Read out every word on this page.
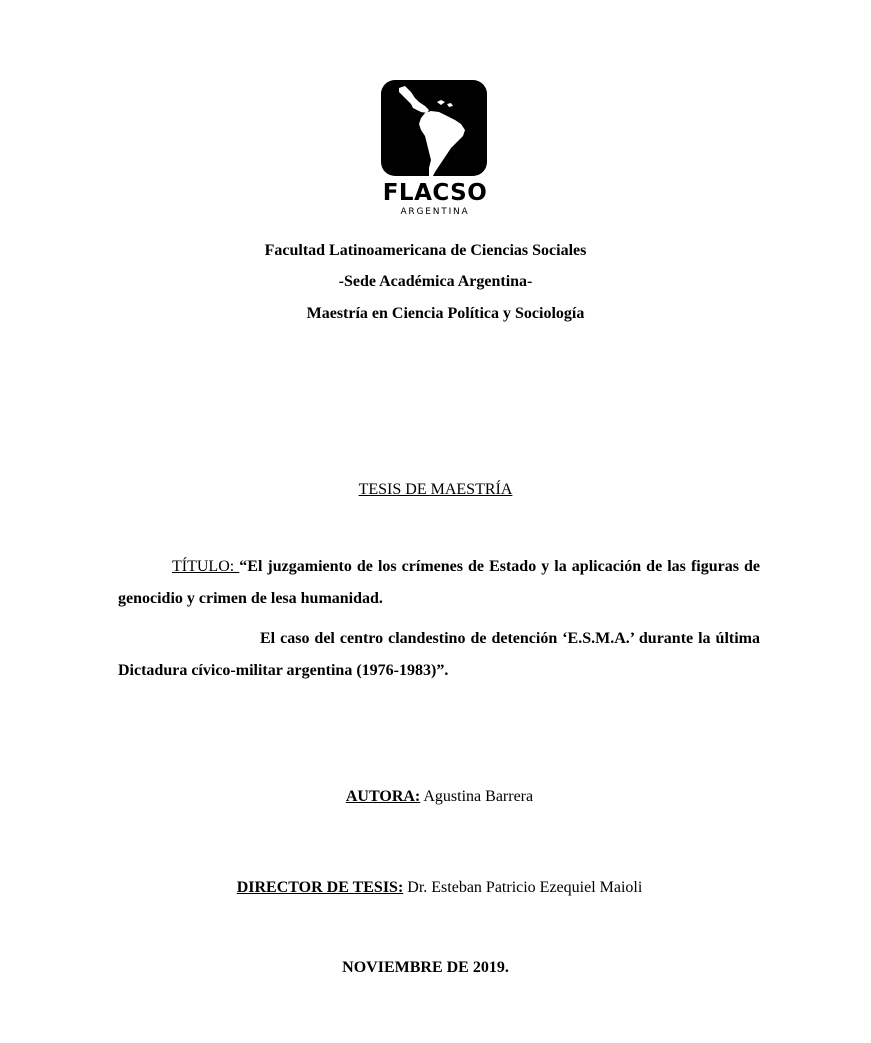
FLACSO
ARGENTINA
Facultad Latinoamericana de Ciencias Sociales
-Sede Académica Argentina-
Maestría en Ciencia Política y Sociología
TESIS DE MAESTRÍA
TÍTULO: “El juzgamiento de los crímenes de Estado y la aplicación de las figuras de genocidio y crimen de lesa humanidad.
El caso del centro clandestino de detención ‘E.S.M.A.’ durante la última Dictadura cívico-militar argentina (1976-1983)”.
AUTORA: Agustina Barrera
DIRECTOR DE TESIS: Dr. Esteban Patricio Ezequiel Maioli
NOVIEMBRE DE 2019.
